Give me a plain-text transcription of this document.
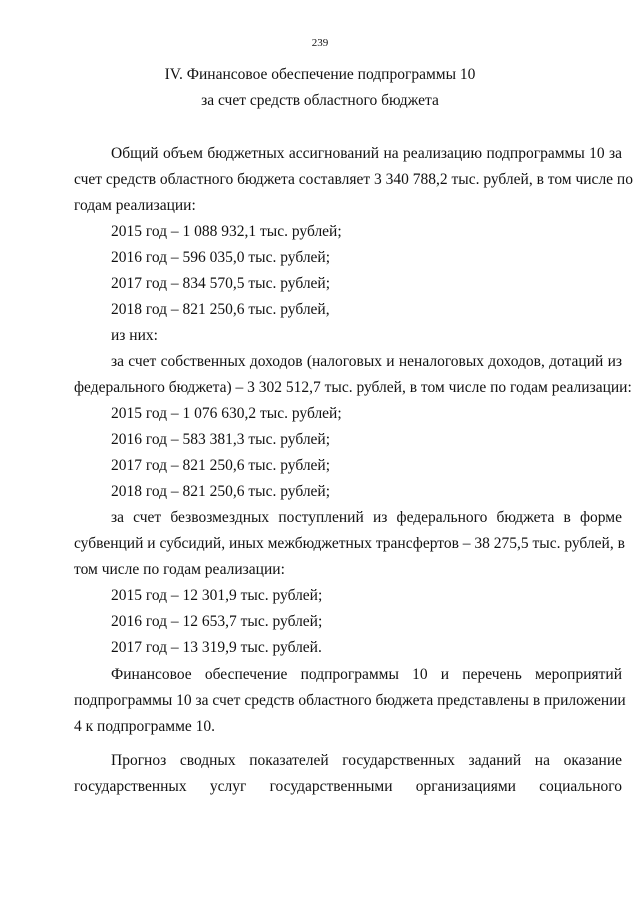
239
IV. Финансовое обеспечение подпрограммы 10
за счет средств областного бюджета
Общий объем бюджетных ассигнований на реализацию подпрограммы 10 за
счет средств областного бюджета составляет 3 340 788,2 тыс. рублей, в том числе по
годам реализации:
2015 год – 1 088 932,1 тыс. рублей;
2016 год – 596 035,0 тыс. рублей;
2017 год – 834 570,5 тыс. рублей;
2018 год – 821 250,6 тыс. рублей,
из них:
за счет собственных доходов (налоговых и неналоговых доходов, дотаций из
федерального бюджета) – 3 302 512,7 тыс. рублей, в том числе по годам реализации:
2015 год – 1 076 630,2 тыс. рублей;
2016 год – 583 381,3 тыс. рублей;
2017 год – 821 250,6 тыс. рублей;
2018 год – 821 250,6 тыс. рублей;
за счет безвозмездных поступлений из федерального бюджета в форме
субвенций и субсидий, иных межбюджетных трансфертов – 38 275,5 тыс. рублей, в
том числе по годам реализации:
2015 год – 12 301,9 тыс. рублей;
2016 год – 12 653,7 тыс. рублей;
2017 год – 13 319,9 тыс. рублей.
Финансовое обеспечение подпрограммы 10 и перечень мероприятий
подпрограммы 10 за счет средств областного бюджета представлены в приложении
4 к подпрограмме 10.
Прогноз сводных показателей государственных заданий на оказание
государственных услуг государственными организациями социального
